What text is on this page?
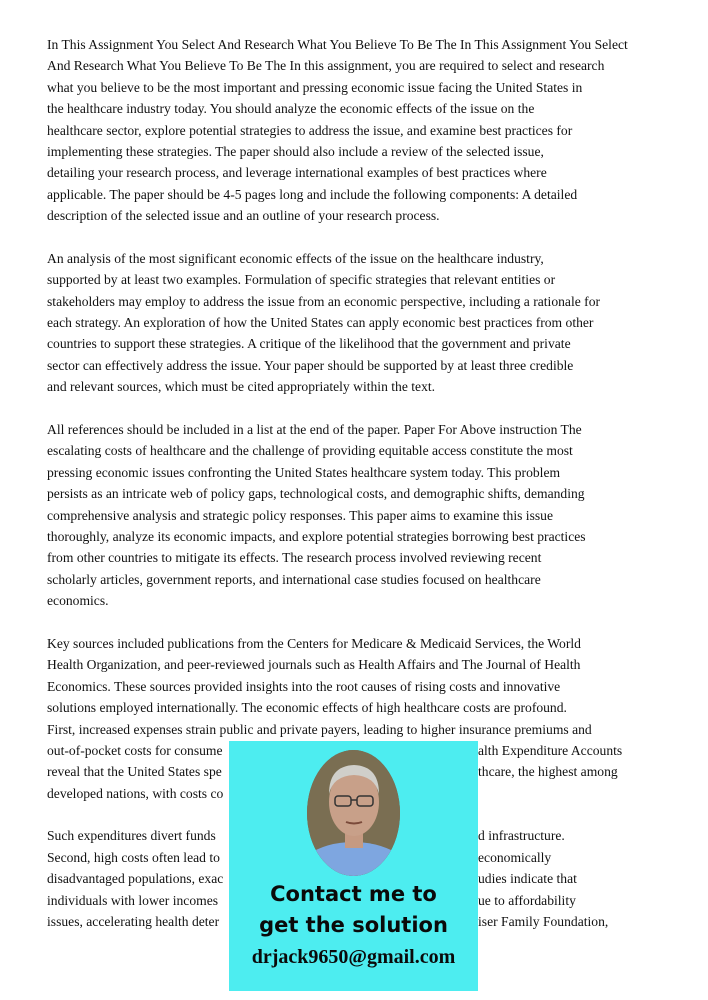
In This Assignment You Select And Research What You Believe To Be The In This Assignment You Select
And Research What You Believe To Be The In this assignment, you are required to select and research
what you believe to be the most important and pressing economic issue facing the United States in
the healthcare industry today. You should analyze the economic effects of the issue on the
healthcare sector, explore potential strategies to address the issue, and examine best practices for
implementing these strategies. The paper should also include a review of the selected issue,
detailing your research process, and leverage international examples of best practices where
applicable. The paper should be 4-5 pages long and include the following components: A detailed
description of the selected issue and an outline of your research process.
An analysis of the most significant economic effects of the issue on the healthcare industry,
supported by at least two examples. Formulation of specific strategies that relevant entities or
stakeholders may employ to address the issue from an economic perspective, including a rationale for
each strategy. An exploration of how the United States can apply economic best practices from other
countries to support these strategies. A critique of the likelihood that the government and private
sector can effectively address the issue. Your paper should be supported by at least three credible
and relevant sources, which must be cited appropriately within the text.
All references should be included in a list at the end of the paper. Paper For Above instruction The
escalating costs of healthcare and the challenge of providing equitable access constitute the most
pressing economic issues confronting the United States healthcare system today. This problem
persists as an intricate web of policy gaps, technological costs, and demographic shifts, demanding
comprehensive analysis and strategic policy responses. This paper aims to examine this issue
thoroughly, analyze its economic impacts, and explore potential strategies borrowing best practices
from other countries to mitigate its effects. The research process involved reviewing recent
scholarly articles, government reports, and international case studies focused on healthcare
economics.
Key sources included publications from the Centers for Medicare & Medicaid Services, the World
Health Organization, and peer-reviewed journals such as Health Affairs and The Journal of Health
Economics. These sources provided insights into the root causes of rising costs and innovative
solutions employed internationally. The economic effects of high healthcare costs are profound.
First, increased expenses strain public and private payers, leading to higher insurance premiums and
out-of-pocket costs for consume	alth Expenditure Accounts
reveal that the United States spe	thcare, the highest among
developed nations, with costs co
Such expenditures divert funds	d infrastructure.
Second, high costs often lead to	economically
disadvantaged populations, exac	udies indicate that
individuals with lower incomes	ue to affordability
issues, accelerating health deter	iser Family Foundation,
Contact me to
get the solution
drjack9650@gmail.com
